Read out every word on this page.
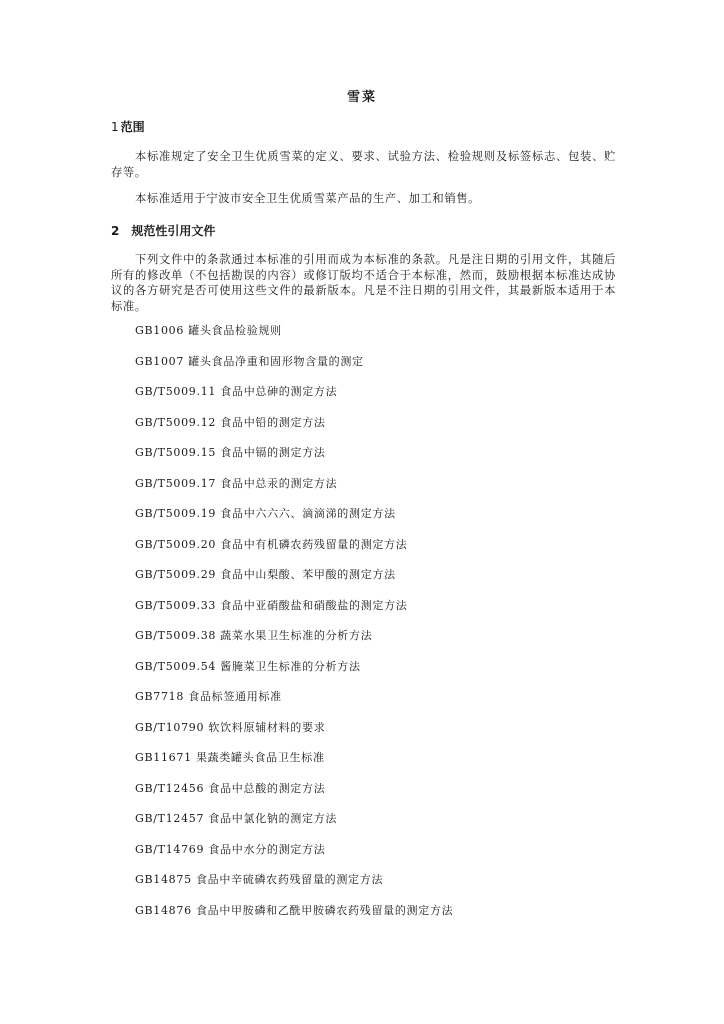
雪菜
1 范围
本标准规定了安全卫生优质雪菜的定义、要求、试验方法、检验规则及标签标志、包装、贮存等。
本标准适用于宁波市安全卫生优质雪菜产品的生产、加工和销售。
2 规范性引用文件
下列文件中的条款通过本标准的引用而成为本标准的条款。凡是注日期的引用文件，其随后所有的修改单（不包括勘误的内容）或修订版均不适合于本标准，然而，鼓励根据本标准达成协议的各方研究是否可使用这些文件的最新版本。凡是不注日期的引用文件，其最新版本适用于本标准。
GB1006 罐头食品检验规则
GB1007 罐头食品净重和固形物含量的测定
GB/T5009.11 食品中总砷的测定方法
GB/T5009.12 食品中铅的测定方法
GB/T5009.15 食品中镉的测定方法
GB/T5009.17 食品中总汞的测定方法
GB/T5009.19 食品中六六六、滴滴涕的测定方法
GB/T5009.20 食品中有机磷农药残留量的测定方法
GB/T5009.29 食品中山梨酸、苯甲酸的测定方法
GB/T5009.33 食品中亚硝酸盐和硝酸盐的测定方法
GB/T5009.38 蔬菜水果卫生标准的分析方法
GB/T5009.54 酱腌菜卫生标准的分析方法
GB7718 食品标签通用标准
GB/T10790 软饮料原辅材料的要求
GB11671 果蔬类罐头食品卫生标准
GB/T12456 食品中总酸的测定方法
GB/T12457 食品中氯化钠的测定方法
GB/T14769 食品中水分的测定方法
GB14875 食品中辛硫磷农药残留量的测定方法
GB14876 食品中甲胺磷和乙酰甲胺磷农药残留量的测定方法
